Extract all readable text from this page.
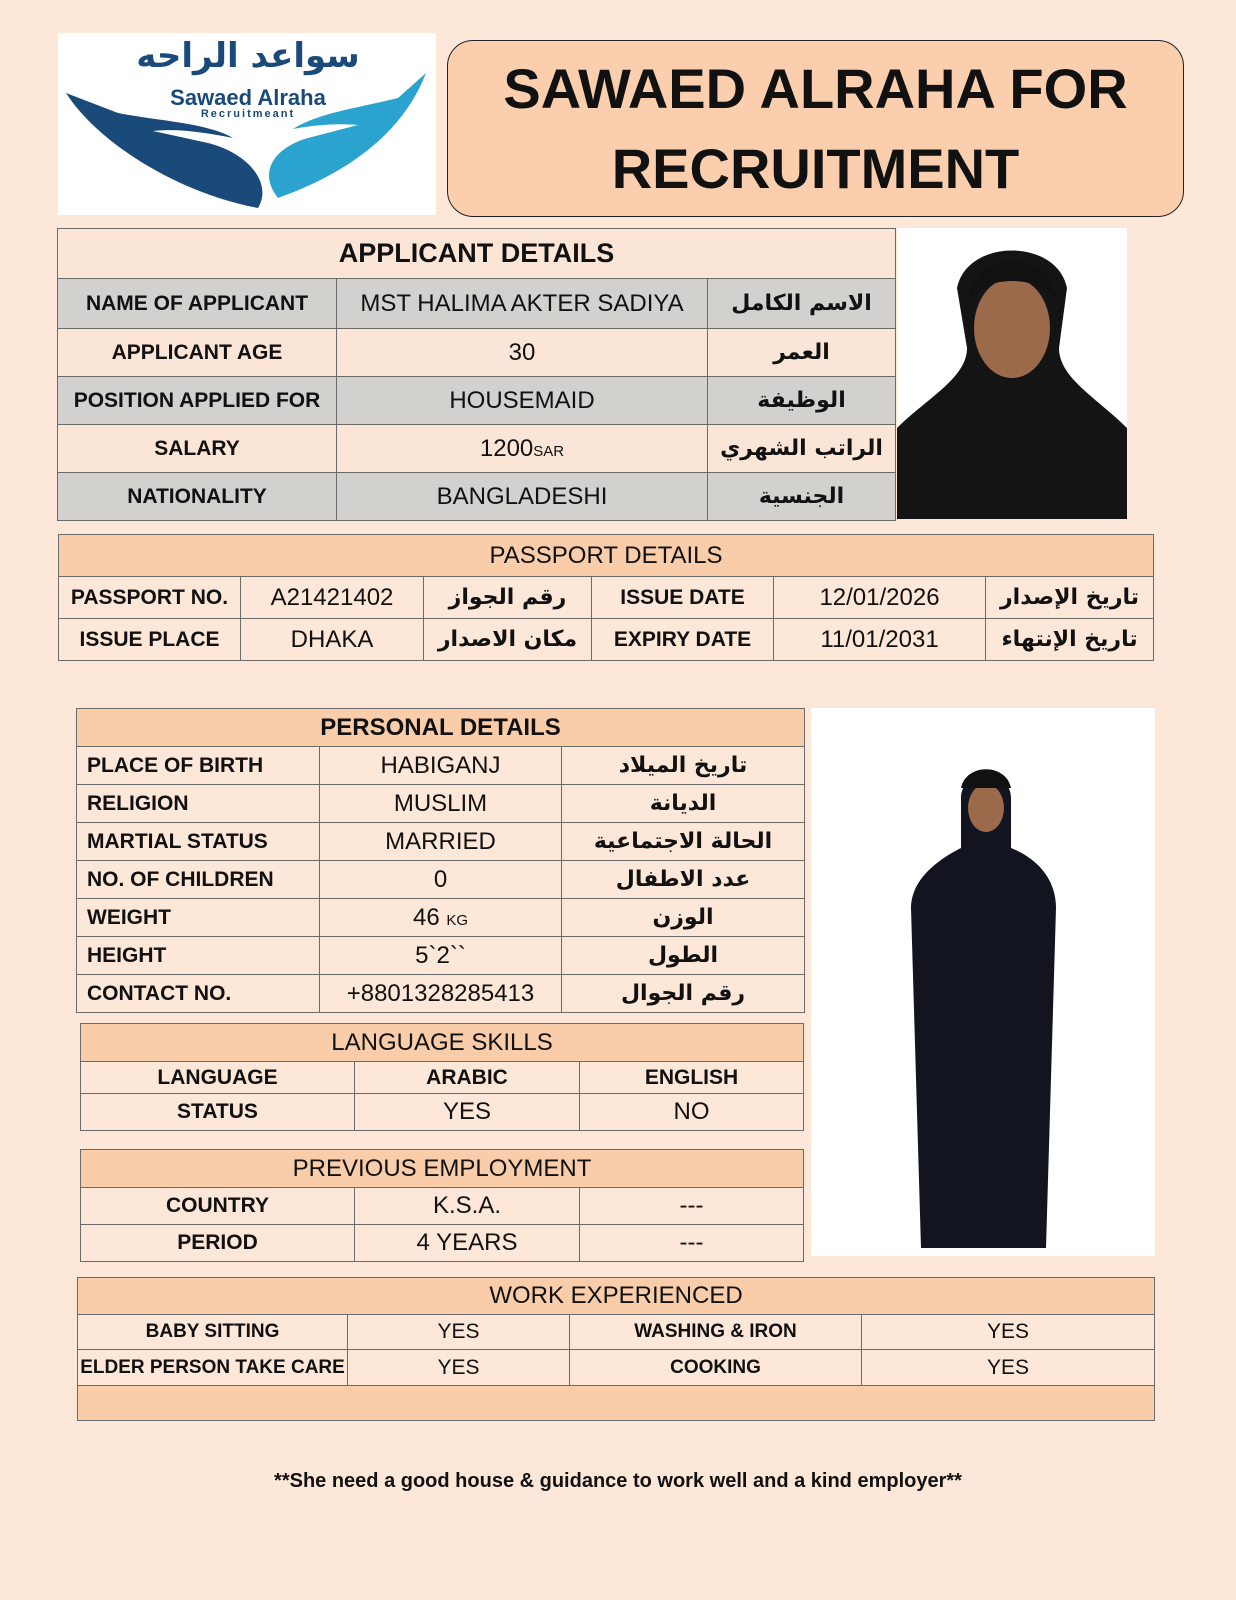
سواعد الراحه
Sawaed Alraha
Recruitmeant	SAWAED ALRAHA FOR RECRUITMENT
APPLICANT DETAILS		
NAME OF APPLICANT	MST HALIMA AKTER SADIYA	الاسم الكامل
APPLICANT AGE	30	العمر
POSITION APPLIED FOR	HOUSEMAID	الوظيفة
SALARY	1200SAR	الراتب الشهري
NATIONALITY	BANGLADESHI	الجنسية
PASSPORT DETAILS					
PASSPORT NO.	A21421402	رقم الجواز	ISSUE DATE	12/01/2026	تاريخ الإصدار
ISSUE PLACE	DHAKA	مكان الاصدار	EXPIRY DATE	11/01/2031	تاريخ الإنتهاء
PERSONAL DETAILS		
PLACE OF BIRTH	HABIGANJ	تاريخ الميلاد
RELIGION	MUSLIM	الديانة
MARTIAL STATUS	MARRIED	الحالة الاجتماعية
NO. OF CHILDREN	0	عدد الاطفال
WEIGHT	46 KG	الوزن
HEIGHT	5`2``	الطول
CONTACT NO.	+8801328285413	رقم الجوال
LANGUAGE SKILLS		
LANGUAGE	ARABIC	ENGLISH
STATUS	YES	NO
PREVIOUS EMPLOYMENT		
COUNTRY	K.S.A.	---
PERIOD	4 YEARS	---
WORK EXPERIENCED			
BABY SITTING	YES	WASHING & IRON	YES
ELDER PERSON TAKE CARE	YES	COOKING	YES

**She need a good house & guidance to work well and a kind employer**
